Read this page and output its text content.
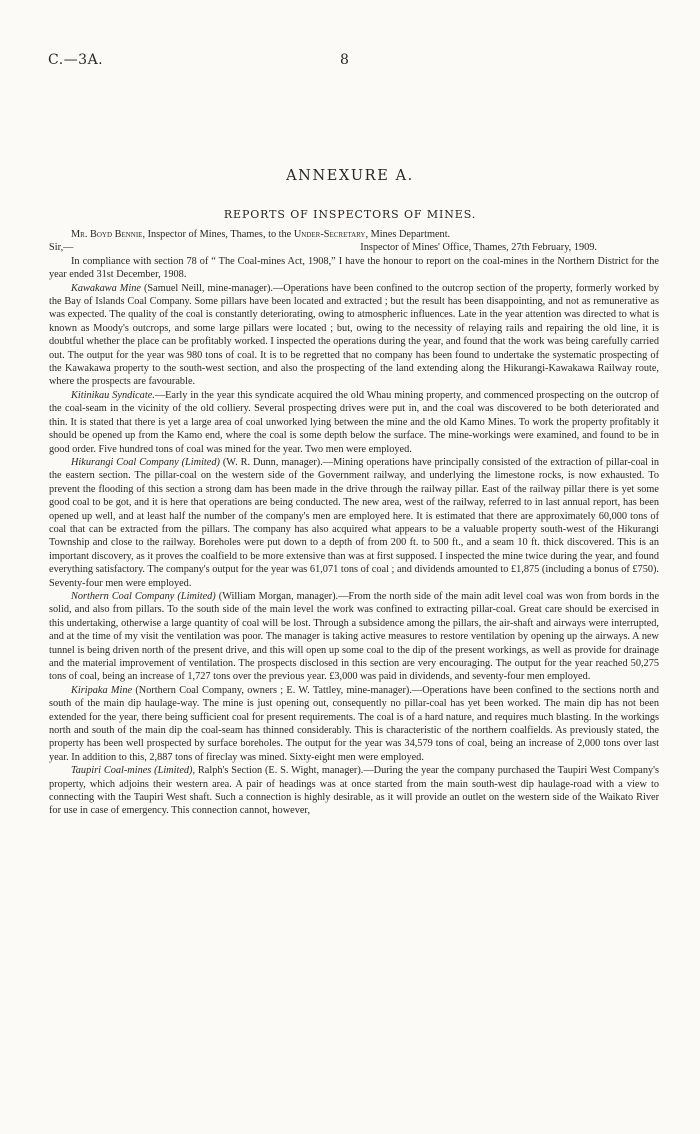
C.—3A.	8
ANNEXURE A.
REPORTS OF INSPECTORS OF MINES.

Mr. Boyd Bennie, Inspector of Mines, Thames, to the Under-Secretary, Mines Department.

Sir,—	Inspector of Mines' Office, Thames, 27th February, 1909.

In compliance with section 78 of “ The Coal-mines Act, 1908,” I have the honour to report on the coal-mines in the Northern District for the year ended 31st December, 1908.

Kawakawa Mine (Samuel Neill, mine-manager).—Operations have been confined to the outcrop section of the property, formerly worked by the Bay of Islands Coal Company. Some pillars have been located and extracted ; but the result has been disappointing, and not as remunerative as was expected. The quality of the coal is constantly deteriorating, owing to atmospheric influences. Late in the year attention was directed to what is known as Moody's outcrops, and some large pillars were located ; but, owing to the necessity of relaying rails and repairing the old line, it is doubtful whether the place can be profitably worked. I inspected the operations during the year, and found that the work was being carefully carried out. The output for the year was 980 tons of coal. It is to be regretted that no company has been found to undertake the systematic prospecting of the Kawakawa property to the south-west section, and also the prospecting of the land extending along the Hikurangi-Kawakawa Railway route, where the prospects are favourable.

Kitinikau Syndicate.—Early in the year this syndicate acquired the old Whau mining property, and commenced prospecting on the outcrop of the coal-seam in the vicinity of the old colliery. Several prospecting drives were put in, and the coal was discovered to be both deteriorated and thin. It is stated that there is yet a large area of coal unworked lying between the mine and the old Kamo Mines. To work the property profitably it should be opened up from the Kamo end, where the coal is some depth below the surface. The mine-workings were examined, and found to be in good order. Five hundred tons of coal was mined for the year. Two men were employed.

Hikurangi Coal Company (Limited) (W. R. Dunn, manager).—Mining operations have principally consisted of the extraction of pillar-coal in the eastern section. The pillar-coal on the western side of the Government railway, and underlying the limestone rocks, is now exhausted. To prevent the flooding of this section a strong dam has been made in the drive through the railway pillar. East of the railway pillar there is yet some good coal to be got, and it is here that operations are being conducted. The new area, west of the railway, referred to in last annual report, has been opened up well, and at least half the number of the company's men are employed here. It is estimated that there are approximately 60,000 tons of coal that can be extracted from the pillars. The company has also acquired what appears to be a valuable property south-west of the Hikurangi Township and close to the railway. Boreholes were put down to a depth of from 200 ft. to 500 ft., and a seam 10 ft. thick discovered. This is an important discovery, as it proves the coalfield to be more extensive than was at first supposed. I inspected the mine twice during the year, and found everything satisfactory. The company's output for the year was 61,071 tons of coal ; and dividends amounted to £1,875 (including a bonus of £750). Seventy-four men were employed.

Northern Coal Company (Limited) (William Morgan, manager).—From the north side of the main adit level coal was won from bords in the solid, and also from pillars. To the south side of the main level the work was confined to extracting pillar-coal. Great care should be exercised in this undertaking, otherwise a large quantity of coal will be lost. Through a subsidence among the pillars, the air-shaft and airways were interrupted, and at the time of my visit the ventilation was poor. The manager is taking active measures to restore ventilation by opening up the airways. A new tunnel is being driven north of the present drive, and this will open up some coal to the dip of the present workings, as well as provide for drainage and the material improvement of ventilation. The prospects disclosed in this section are very encouraging. The output for the year reached 50,275 tons of coal, being an increase of 1,727 tons over the previous year. £3,000 was paid in dividends, and seventy-four men employed.

Kiripaka Mine (Northern Coal Company, owners ; E. W. Tattley, mine-manager).—Operations have been confined to the sections north and south of the main dip haulage-way. The mine is just opening out, consequently no pillar-coal has yet been worked. The main dip has not been extended for the year, there being sufficient coal for present requirements. The coal is of a hard nature, and requires much blasting. In the workings north and south of the main dip the coal-seam has thinned considerably. This is characteristic of the northern coalfields. As previously stated, the property has been well prospected by surface boreholes. The output for the year was 34,579 tons of coal, being an increase of 2,000 tons over last year. In addition to this, 2,887 tons of fireclay was mined. Sixty-eight men were employed.

Taupiri Coal-mines (Limited), Ralph's Section (E. S. Wight, manager).—During the year the company purchased the Taupiri West Company's property, which adjoins their western area. A pair of headings was at once started from the main south-west dip haulage-road with a view to connecting with the Taupiri West shaft. Such a connection is highly desirable, as it will provide an outlet on the western side of the Waikato River for use in case of emergency. This connection cannot, however,
